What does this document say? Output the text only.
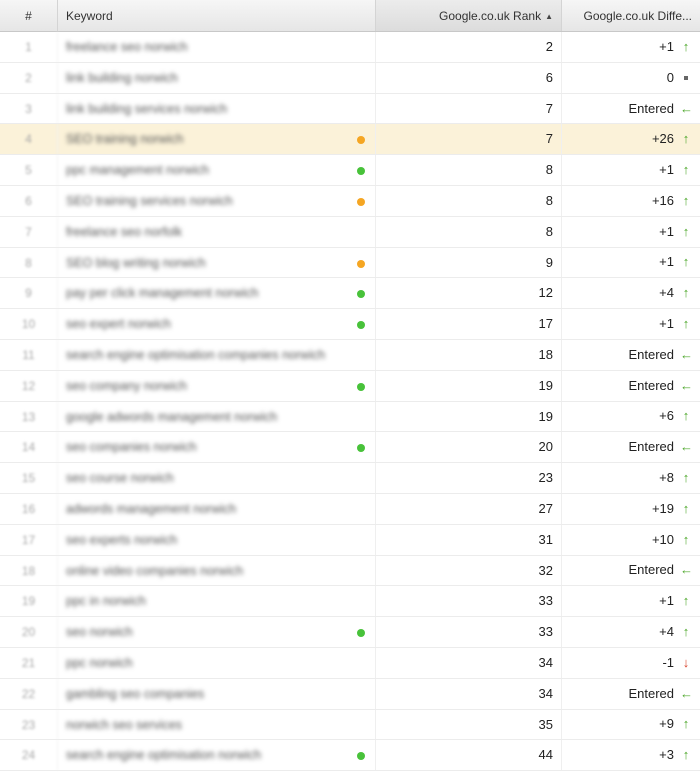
#	Keyword	Google.co.uk Rank ▲	Google.co.uk Diffe...
1	freelance seo norwich	2	+1 ↑
2	link building norwich	6	0
3	link building services norwich	7	Entered ←
4	SEO training norwich	7	+26 ↑
5	ppc management norwich	8	+1 ↑
6	SEO training services norwich	8	+16 ↑
7	freelance seo norfolk	8	+1 ↑
8	SEO blog writing norwich	9	+1 ↑
9	pay per click management norwich	12	+4 ↑
10	seo expert norwich	17	+1 ↑
11	search engine optimisation companies norwich	18	Entered ←
12	seo company norwich	19	Entered ←
13	google adwords management norwich	19	+6 ↑
14	seo companies norwich	20	Entered ←
15	seo course norwich	23	+8 ↑
16	adwords management norwich	27	+19 ↑
17	seo experts norwich	31	+10 ↑
18	online video companies norwich	32	Entered ←
19	ppc in norwich	33	+1 ↑
20	seo norwich	33	+4 ↑
21	ppc norwich	34	-1 ↓
22	gambling seo companies	34	Entered ←
23	norwich seo services	35	+9 ↑
24	search engine optimisation norwich	44	+3 ↑
